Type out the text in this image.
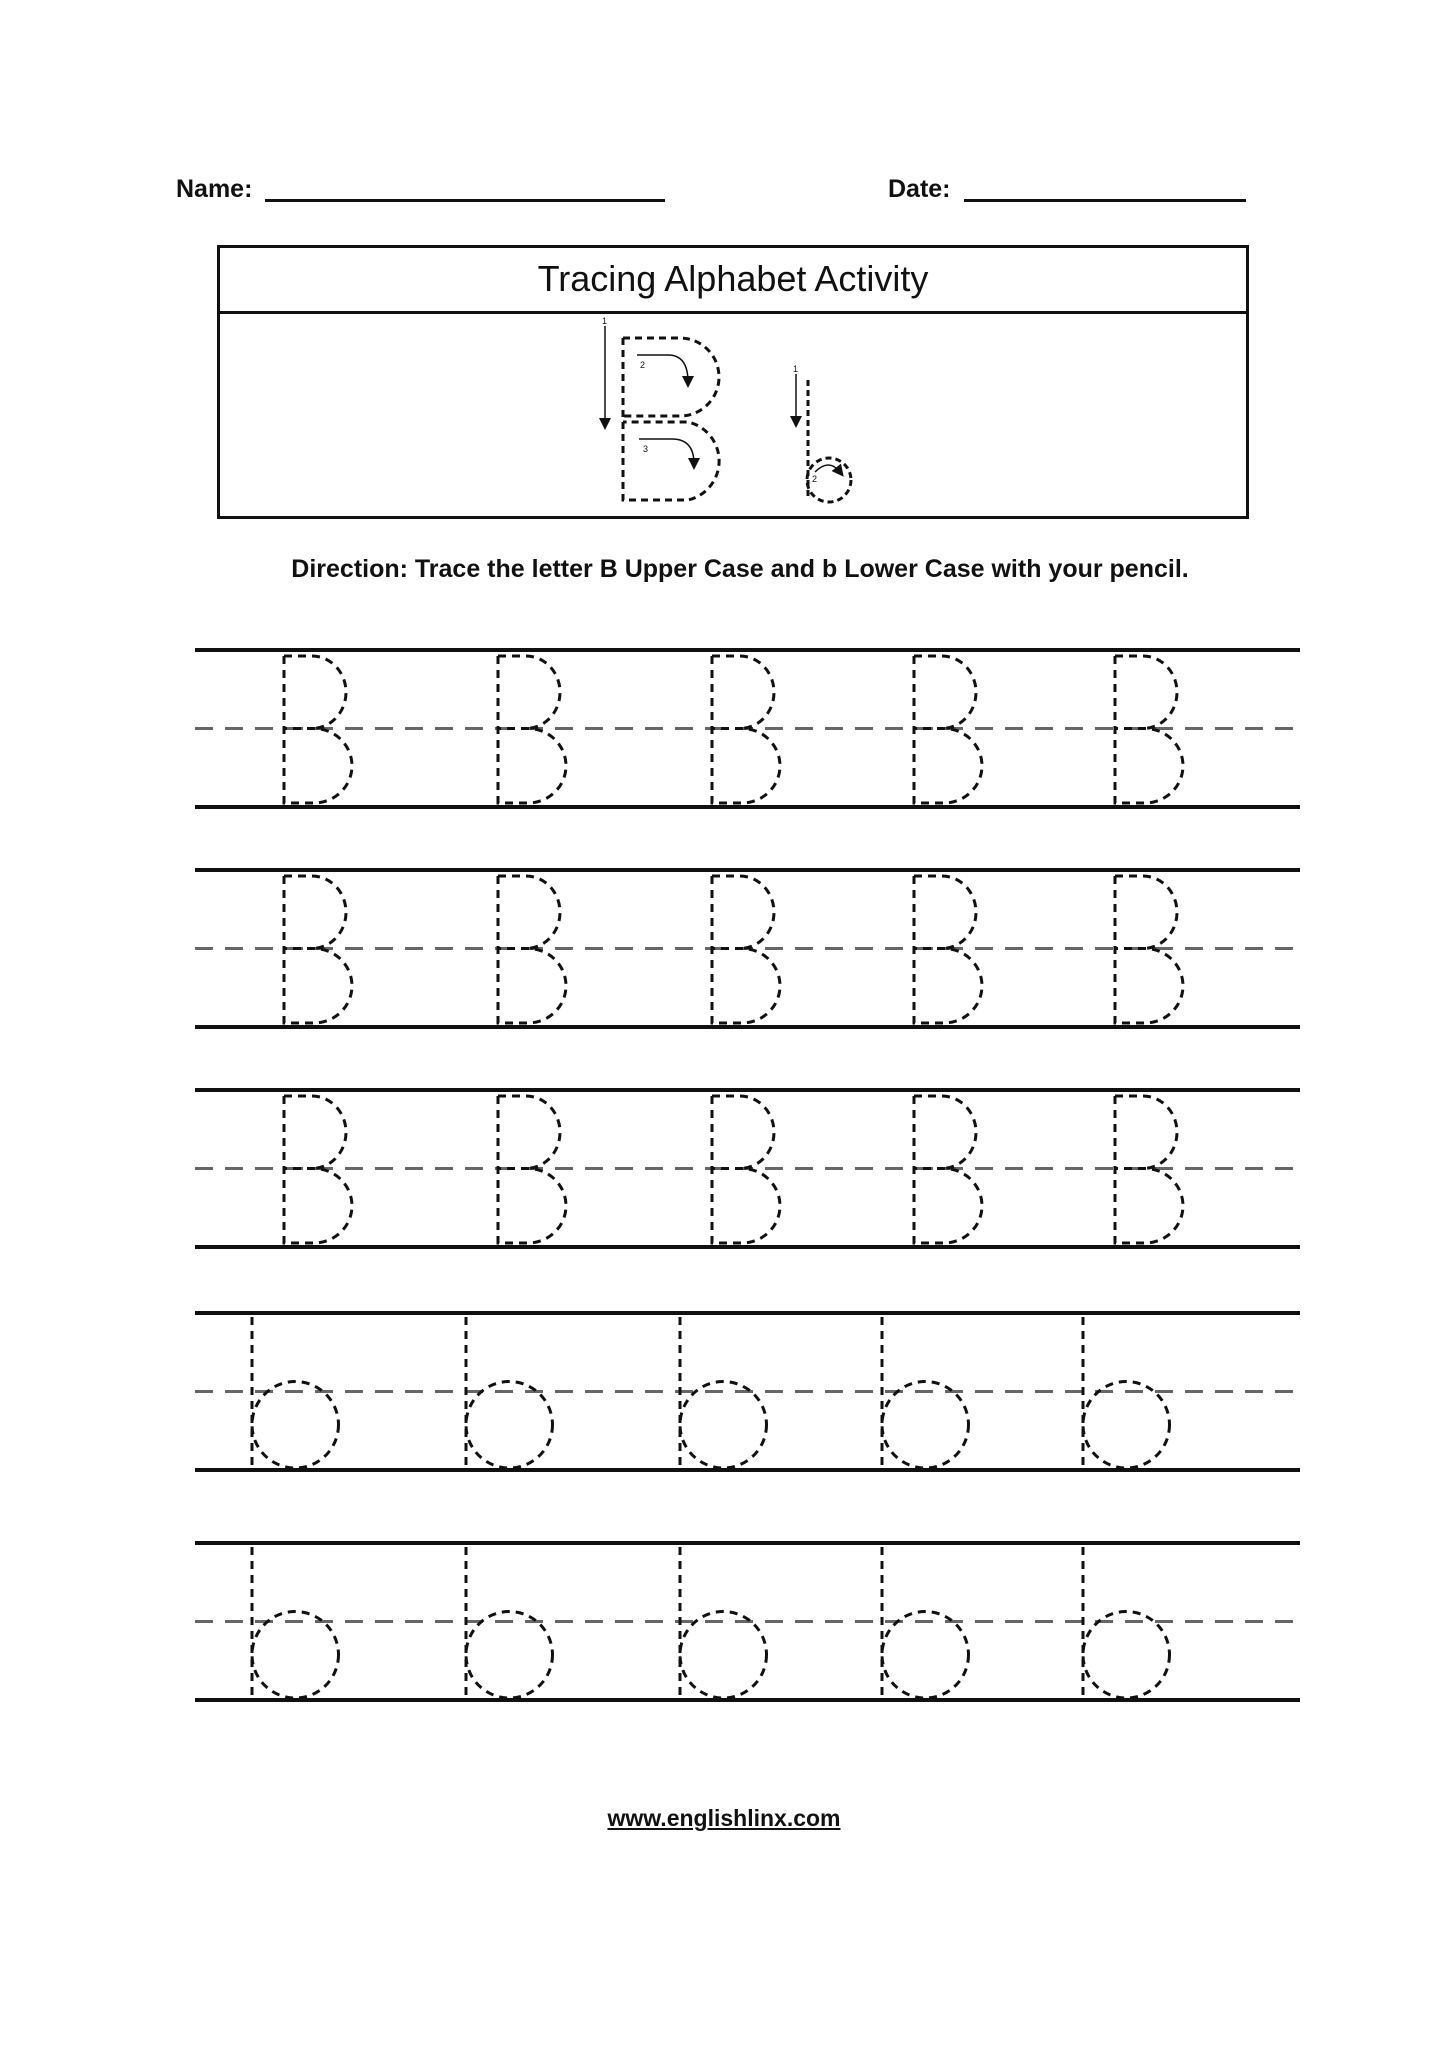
Name:	Date:
Tracing Alphabet Activity
1
2
3
1
2
Direction: Trace the letter B Upper Case and b Lower Case with your pencil.
www.englishlinx.com
